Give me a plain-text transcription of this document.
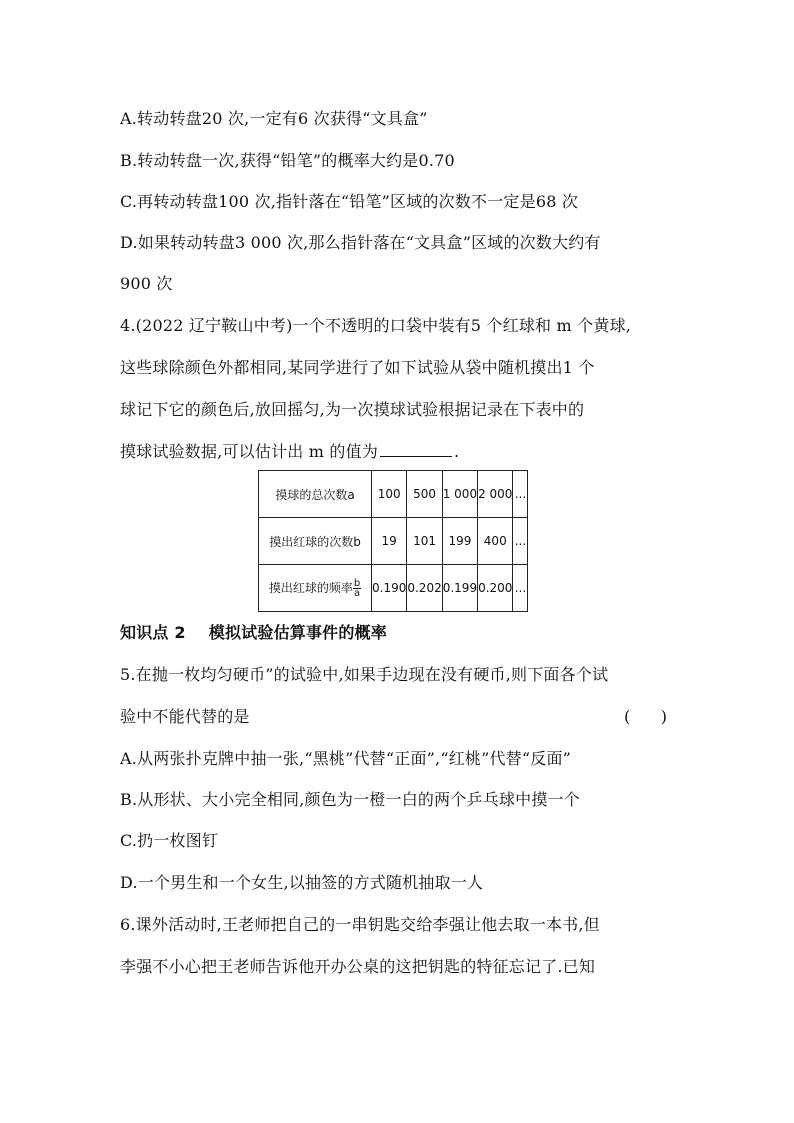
A.转动转盘20 次,一定有6 次获得“文具盒”
B.转动转盘一次,获得“铅笔”的概率大约是0.70
C.再转动转盘100 次,指针落在“铅笔”区域的次数不一定是68 次
D.如果转动转盘3 000 次,那么指针落在“文具盒”区域的次数大约有
900 次
4.(2022 辽宁鞍山中考)一个不透明的口袋中装有5 个红球和 m 个黄球,
这些球除颜色外都相同,某同学进行了如下试验从袋中随机摸出1 个
球记下它的颜色后,放回摇匀,为一次摸球试验根据记录在下表中的
摸球试验数据,可以估计出 m 的值为	.
摸球的总次数a	100	500	1 000	2 000	...
摸出红球的次数b	19	101	199	400	...
摸出红球的频率 $\frac{b}{a}$	0.190	0.202	0.199	0.200	...
知识点 2    模拟试验估算事件的概率
5.在抛一枚均匀硬币”的试验中,如果手边现在没有硬币,则下面各个试
验中不能代替的是	(      )
A.从两张扑克牌中抽一张,“黑桃”代替“正面”,“红桃”代替“反面”
B.从形状、大小完全相同,颜色为一橙一白的两个乒乓球中摸一个
C.扔一枚图钉
D.一个男生和一个女生,以抽签的方式随机抽取一人
6.课外活动时,王老师把自己的一串钥匙交给李强让他去取一本书,但
李强不小心把王老师告诉他开办公桌的这把钥匙的特征忘记了.已知
